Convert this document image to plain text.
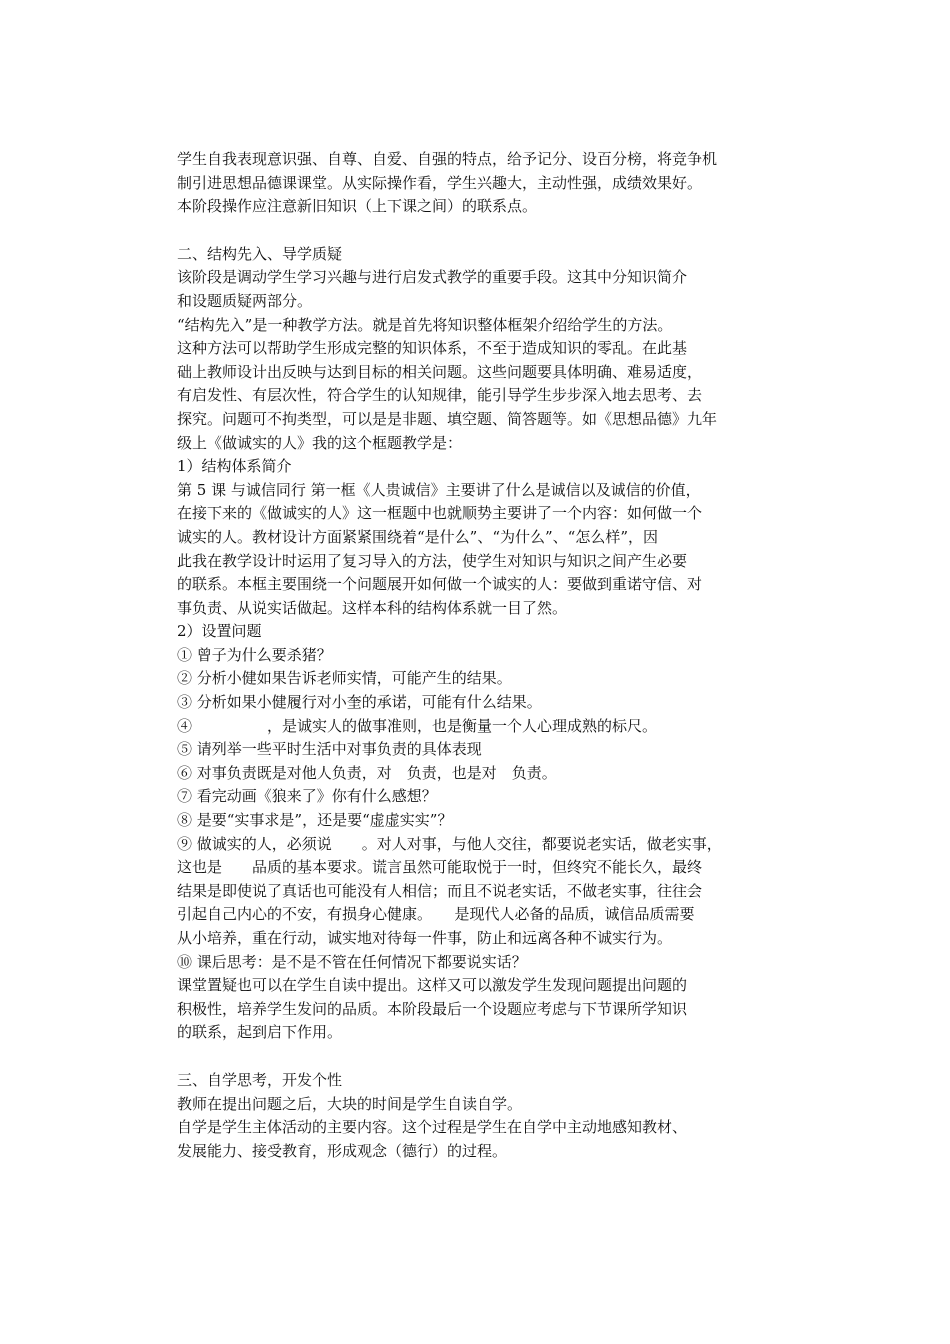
学生自我表现意识强、自尊、自爱、自强的特点，给予记分、设百分榜，将竞争机
制引进思想品德课课堂。从实际操作看，学生兴趣大，主动性强，成绩效果好。
本阶段操作应注意新旧知识（上下课之间）的联系点。
二、结构先入、导学质疑
该阶段是调动学生学习兴趣与进行启发式教学的重要手段。这其中分知识简介
和设题质疑两部分。
“结构先入”是一种教学方法。就是首先将知识整体框架介绍给学生的方法。
这种方法可以帮助学生形成完整的知识体系，不至于造成知识的零乱。在此基
础上教师设计出反映与达到目标的相关问题。这些问题要具体明确、难易适度，
有启发性、有层次性，符合学生的认知规律，能引导学生步步深入地去思考、去
探究。问题可不拘类型，可以是是非题、填空题、简答题等。如《思想品德》九年
级上《做诚实的人》我的这个框题教学是：
1）结构体系简介
第 5 课 与诚信同行 第一框《人贵诚信》主要讲了什么是诚信以及诚信的价值，
在接下来的《做诚实的人》这一框题中也就顺势主要讲了一个内容：如何做一个
诚实的人。教材设计方面紧紧围绕着“是什么”、“为什么”、“怎么样”，因
此我在教学设计时运用了复习导入的方法，使学生对知识与知识之间产生必要
的联系。本框主要围绕一个问题展开如何做一个诚实的人：要做到重诺守信、对
事负责、从说实话做起。这样本科的结构体系就一目了然。
2）设置问题
① 曾子为什么要杀猪？
② 分析小健如果告诉老师实情，可能产生的结果。
③ 分析如果小健履行对小奎的承诺，可能有什么结果。
④　　　　　，是诚实人的做事准则，也是衡量一个人心理成熟的标尺。
⑤ 请列举一些平时生活中对事负责的具体表现
⑥ 对事负责既是对他人负责，对　负责，也是对　负责。
⑦ 看完动画《狼来了》你有什么感想？
⑧ 是要“实事求是”，还是要“虚虚实实”？
⑨ 做诚实的人，必须说　　。对人对事，与他人交往，都要说老实话，做老实事，
这也是　　品质的基本要求。谎言虽然可能取悦于一时，但终究不能长久，最终
结果是即使说了真话也可能没有人相信；而且不说老实话，不做老实事，往往会
引起自己内心的不安，有损身心健康。　　是现代人必备的品质，诚信品质需要
从小培养，重在行动，诚实地对待每一件事，防止和远离各种不诚实行为。
⑩ 课后思考：是不是不管在任何情况下都要说实话？
课堂置疑也可以在学生自读中提出。这样又可以激发学生发现问题提出问题的
积极性，培养学生发问的品质。本阶段最后一个设题应考虑与下节课所学知识
的联系，起到启下作用。
三、自学思考，开发个性
教师在提出问题之后，大块的时间是学生自读自学。
自学是学生主体活动的主要内容。这个过程是学生在自学中主动地感知教材、
发展能力、接受教育，形成观念（德行）的过程。
